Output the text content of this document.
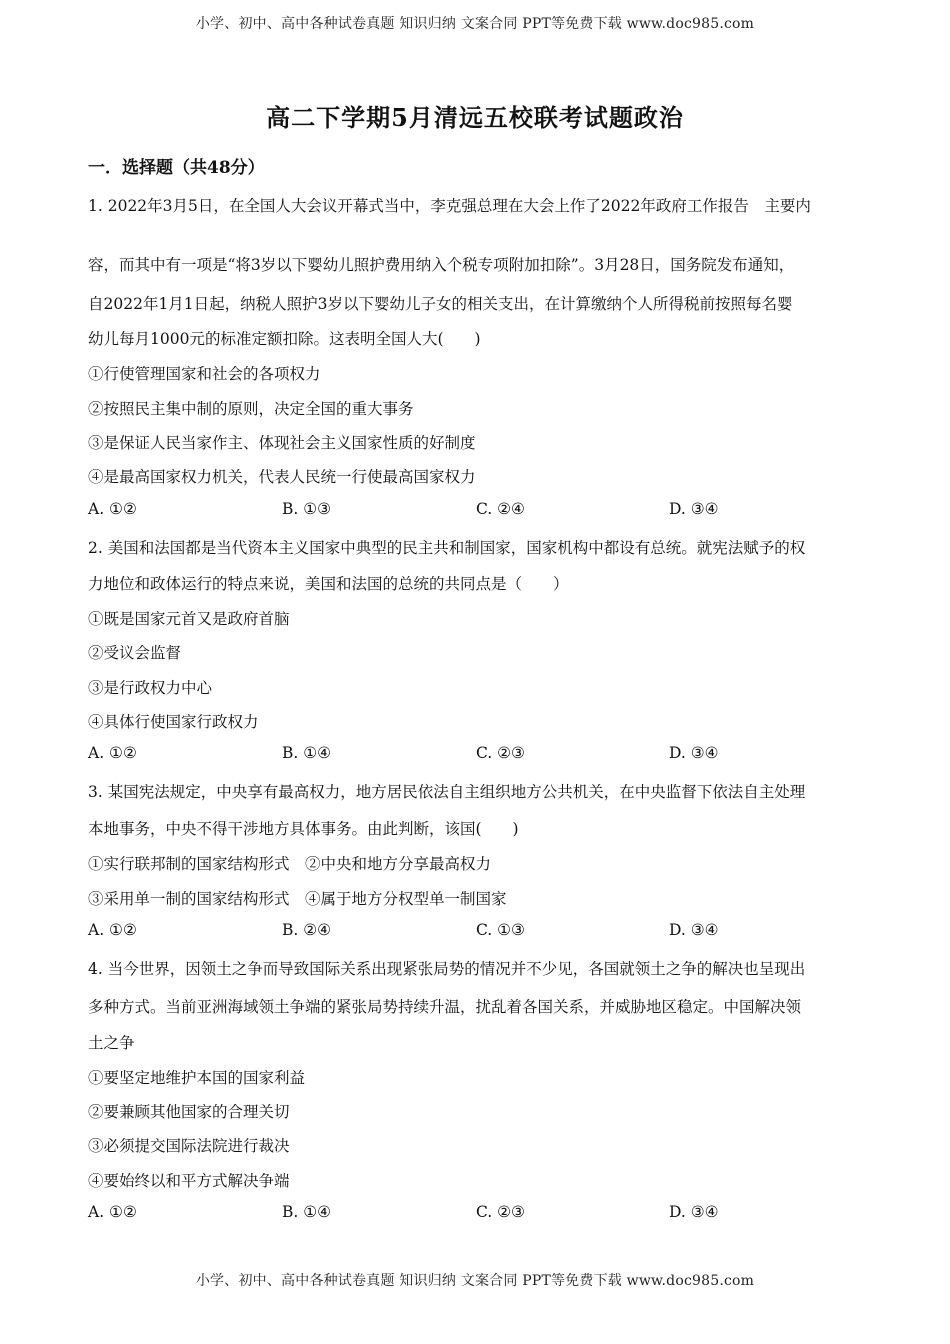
小学、初中、高中各种试卷真题 知识归纳 文案合同 PPT等免费下载 www.doc985.com
高二下学期5月清远五校联考试题政治
一．选择题（共48分）
1. 2022年3月5日，在全国人大会议开幕式当中，李克强总理在大会上作了2022年政府工作报告　主要内
容，而其中有一项是“将3岁以下婴幼儿照护费用纳入个税专项附加扣除”。3月28日，国务院发布通知，
自2022年1月1日起，纳税人照护3岁以下婴幼儿子女的相关支出，在计算缴纳个人所得税前按照每名婴
幼儿每月1000元的标准定额扣除。这表明全国人大(　　)
①行使管理国家和社会的各项权力
②按照民主集中制的原则，决定全国的重大事务
③是保证人民当家作主、体现社会主义国家性质的好制度
④是最高国家权力机关，代表人民统一行使最高国家权力
A. ①②	B. ①③	C. ②④	D. ③④
2. 美国和法国都是当代资本主义国家中典型的民主共和制国家，国家机构中都设有总统。就宪法赋予的权
力地位和政体运行的特点来说，美国和法国的总统的共同点是（　　）
①既是国家元首又是政府首脑
②受议会监督
③是行政权力中心
④具体行使国家行政权力
A. ①②	B. ①④	C. ②③	D. ③④
3. 某国宪法规定，中央享有最高权力，地方居民依法自主组织地方公共机关，在中央监督下依法自主处理
本地事务，中央不得干涉地方具体事务。由此判断，该国(　　)
①实行联邦制的国家结构形式　②中央和地方分享最高权力
③采用单一制的国家结构形式　④属于地方分权型单一制国家
A. ①②	B. ②④	C. ①③	D. ③④
4. 当今世界，因领土之争而导致国际关系出现紧张局势的情况并不少见，各国就领土之争的解决也呈现出
多种方式。当前亚洲海域领土争端的紧张局势持续升温，扰乱着各国关系，并威胁地区稳定。中国解决领
土之争
①要坚定地维护本国的国家利益
②要兼顾其他国家的合理关切
③必须提交国际法院进行裁决
④要始终以和平方式解决争端
A. ①②	B. ①④	C. ②③	D. ③④
小学、初中、高中各种试卷真题 知识归纳 文案合同 PPT等免费下载 www.doc985.com
